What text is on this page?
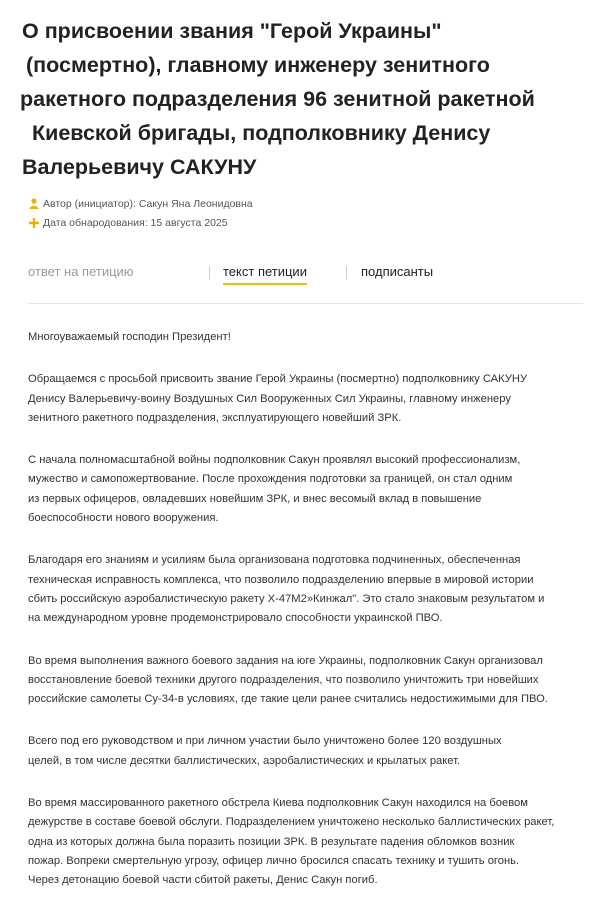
О присвоении звания "Герой Украины"
(посмертно), главному инженеру зенитного
ракетного подразделения 96 зенитной ракетной
Киевской бригады, подполковнику Денису
Валерьевичу САКУНУ
Автор (инициатор): Сакун Яна Леонидовна
Дата обнародования: 15 августа 2025
ответ на петицию	текст петиции	подписанты

Многоуважаемый господин Президент!

Обращаемся с просьбой присвоить звание Герой Украины (посмертно) подполковнику САКУНУ
Денису Валерьевичу-воину Воздушных Сил Вооруженных Сил Украины, главному инженеру
зенитного ракетного подразделения, эксплуатирующего новейший ЗРК.

С начала полномасштабной войны подполковник Сакун проявлял высокий профессионализм,
мужество и самопожертвование. После прохождения подготовки за границей, он стал одним
из первых офицеров, овладевших новейшим ЗРК, и внес весомый вклад в повышение
боеспособности нового вооружения.

Благодаря его знаниям и усилиям была организована подготовка подчиненных, обеспеченная
техническая исправность комплекса, что позволило подразделению впервые в мировой истории
сбить российскую аэробалистическую ракету Х-47М2»Кинжал". Это стало знаковым результатом и
на международном уровне продемонстрировало способности украинской ПВО.

Во время выполнения важного боевого задания на юге Украины, подполковник Сакун организовал
восстановление боевой техники другого подразделения, что позволило уничтожить три новейших
российские самолеты Су-34-в условиях, где такие цели ранее считались недостижимыми для ПВО.

Всего под его руководством и при личном участии было уничтожено более 120 воздушных
целей, в том числе десятки баллистических, аэробалистических и крылатых ракет.

Во время массированного ракетного обстрела Киева подполковник Сакун находился на боевом
дежурстве в составе боевой обслуги. Подразделением уничтожено несколько баллистических ракет,
одна из которых должна была поразить позиции ЗРК. В результате падения обломков возник
пожар. Вопреки смертельную угрозу, офицер лично бросился спасать технику и тушить огонь.
Через детонацию боевой части сбитой ракеты, Денис Сакун погиб.
